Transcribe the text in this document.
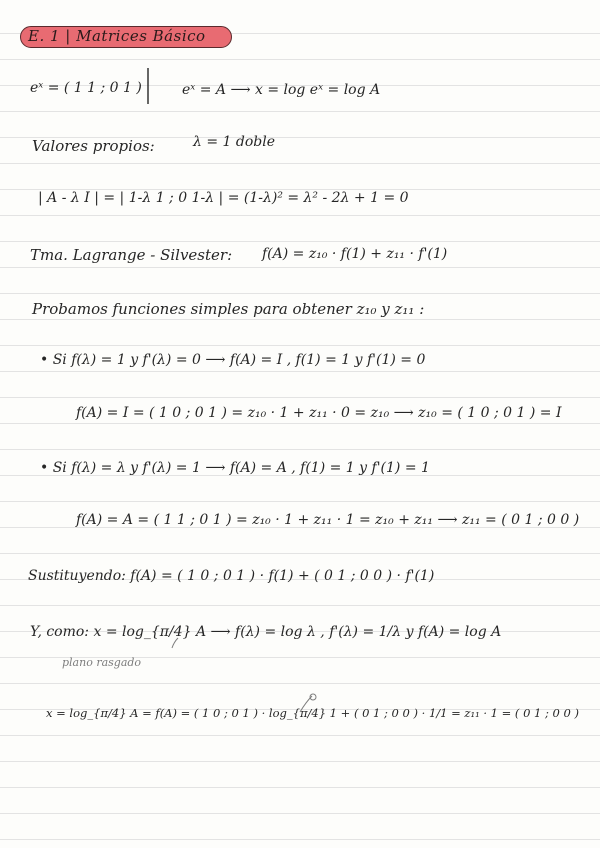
E. 1 | Matrices Básico
eˣ = ( 1 1 ; 0 1 )	eˣ = A ⟶ x = log eˣ = log A
Valores propios:	λ = 1 doble
| A - λ I | = | 1-λ 1 ; 0 1-λ | = (1-λ)² = λ² - 2λ + 1 = 0
Tma. Lagrange - Silvester: f(A) = z₁₀ · f(1) + z₁₁ · f'(1)
Probamos funciones simples para obtener z₁₀ y z₁₁ :
• Si f(λ) = 1 y f'(λ) = 0 ⟶ f(A) = I , f(1) = 1 y f'(1) = 0
f(A) = I = ( 1 0 ; 0 1 ) = z₁₀ · 1 + z₁₁ · 0 = z₁₀ ⟶ z₁₀ = ( 1 0 ; 0 1 ) = I
• Si f(λ) = λ y f'(λ) = 1 ⟶ f(A) = A , f(1) = 1 y f'(1) = 1
f(A) = A = ( 1 1 ; 0 1 ) = z₁₀ · 1 + z₁₁ · 1 = z₁₀ + z₁₁ ⟶ z₁₁ = ( 0 1 ; 0 0 )
Sustituyendo: f(A) = ( 1 0 ; 0 1 ) · f(1) + ( 0 1 ; 0 0 ) · f'(1)
Y, como: x = log_{π/4} A ⟶ f(λ) = log λ , f'(λ) = 1/λ y f(A) = log A
plano rasgado
x = log_{π/4} A = f(A) = ( 1 0 ; 0 1 ) · log_{π/4} 1 + ( 0 1 ; 0 0 ) · 1/1 = z₁₁ · 1 = ( 0 1 ; 0 0 )
